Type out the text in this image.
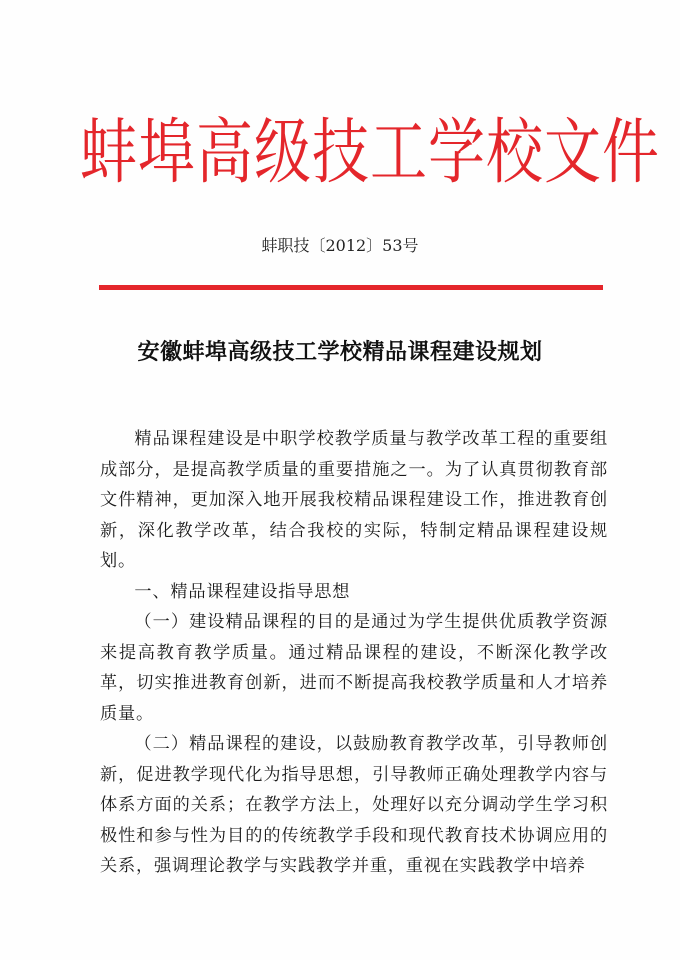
蚌埠高级技工学校文件
蚌职技〔2012〕53号
安徽蚌埠高级技工学校精品课程建设规划

精品课程建设是中职学校教学质量与教学改革工程的重要组成部分，是提高教学质量的重要措施之一。为了认真贯彻教育部文件精神，更加深入地开展我校精品课程建设工作，推进教育创新，深化教学改革，结合我校的实际，特制定精品课程建设规划。

一、精品课程建设指导思想

（一）建设精品课程的目的是通过为学生提供优质教学资源来提高教育教学质量。通过精品课程的建设，不断深化教学改革，切实推进教育创新，进而不断提高我校教学质量和人才培养质量。

（二）精品课程的建设，以鼓励教育教学改革，引导教师创新，促进教学现代化为指导思想，引导教师正确处理教学内容与体系方面的关系；在教学方法上，处理好以充分调动学生学习积极性和参与性为目的的传统教学手段和现代教育技术协调应用的关系，强调理论教学与实践教学并重，重视在实践教学中培养
